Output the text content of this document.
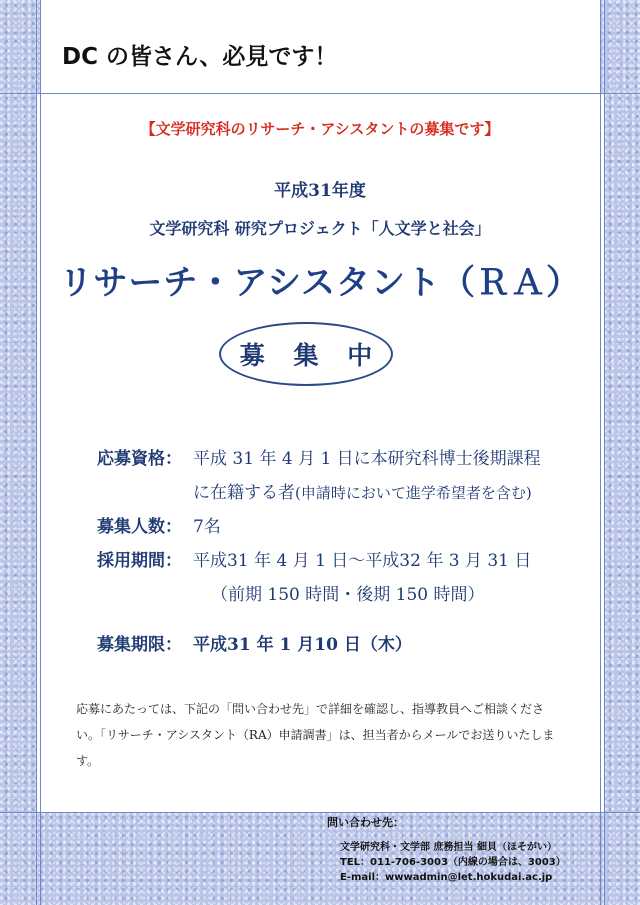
DC の皆さん、必見です！
【文学研究科のリサーチ・アシスタントの募集です】
平成31年度
文学研究科 研究プロジェクト「人文学と社会」
リサーチ・アシスタント（ＲＡ）
募 集 中
応募資格： 平成 31 年 4 月 1 日に本研究科博士後期課程
に在籍する者(申請時において進学希望者を含む)
募集人数： 7名
採用期間： 平成31 年 4 月 1 日～平成32 年 3 月 31 日
（前期 150 時間・後期 150 時間）
募集期限： 平成31 年 1 月10 日（木）
応募にあたっては、下記の「問い合わせ先」で詳細を確認し、指導教員へご相談ください。「リサーチ・アシスタント（RA）申請調書」は、担当者からメールでお送りいたします。
問い合わせ先：
文学研究科・文学部 庶務担当 細貝（ほそがい）
TEL：011-706-3003（内線の場合は、3003）
E-mail：wwwadmin@let.hokudai.ac.jp
